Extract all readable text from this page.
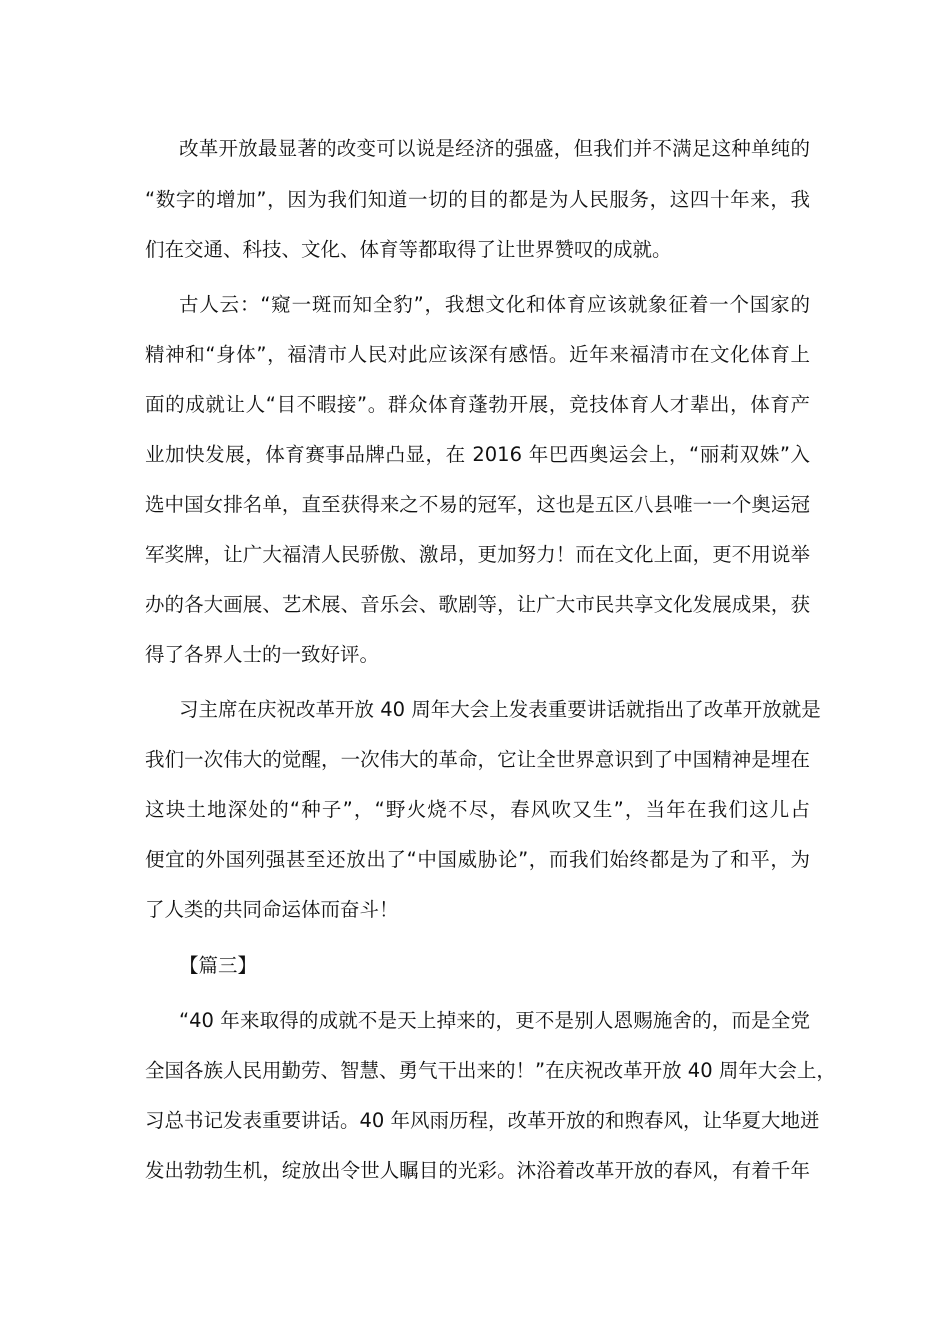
改革开放最显著的改变可以说是经济的强盛，但我们并不满足这种单纯的
“数字的增加”，因为我们知道一切的目的都是为人民服务，这四十年来，我
们在交通、科技、文化、体育等都取得了让世界赞叹的成就。
古人云：“窥一斑而知全豹”，我想文化和体育应该就象征着一个国家的
精神和“身体”，福清市人民对此应该深有感悟。近年来福清市在文化体育上
面的成就让人“目不暇接”。群众体育蓬勃开展，竞技体育人才辈出，体育产
业加快发展，体育赛事品牌凸显，在 2016 年巴西奥运会上，“丽莉双姝”入
选中国女排名单，直至获得来之不易的冠军，这也是五区八县唯一一个奥运冠
军奖牌，让广大福清人民骄傲、激昂，更加努力！而在文化上面，更不用说举
办的各大画展、艺术展、音乐会、歌剧等，让广大市民共享文化发展成果，获
得了各界人士的一致好评。
习主席在庆祝改革开放 40 周年大会上发表重要讲话就指出了改革开放就是
我们一次伟大的觉醒，一次伟大的革命，它让全世界意识到了中国精神是埋在
这块土地深处的“种子”，“野火烧不尽，春风吹又生”，当年在我们这儿占
便宜的外国列强甚至还放出了“中国威胁论”，而我们始终都是为了和平，为
了人类的共同命运体而奋斗！
【篇三】
“40 年来取得的成就不是天上掉来的，更不是别人恩赐施舍的，而是全党
全国各族人民用勤劳、智慧、勇气干出来的！”在庆祝改革开放 40 周年大会上，
习总书记发表重要讲话。40 年风雨历程，改革开放的和煦春风，让华夏大地迸
发出勃勃生机，绽放出令世人瞩目的光彩。沐浴着改革开放的春风，有着千年
